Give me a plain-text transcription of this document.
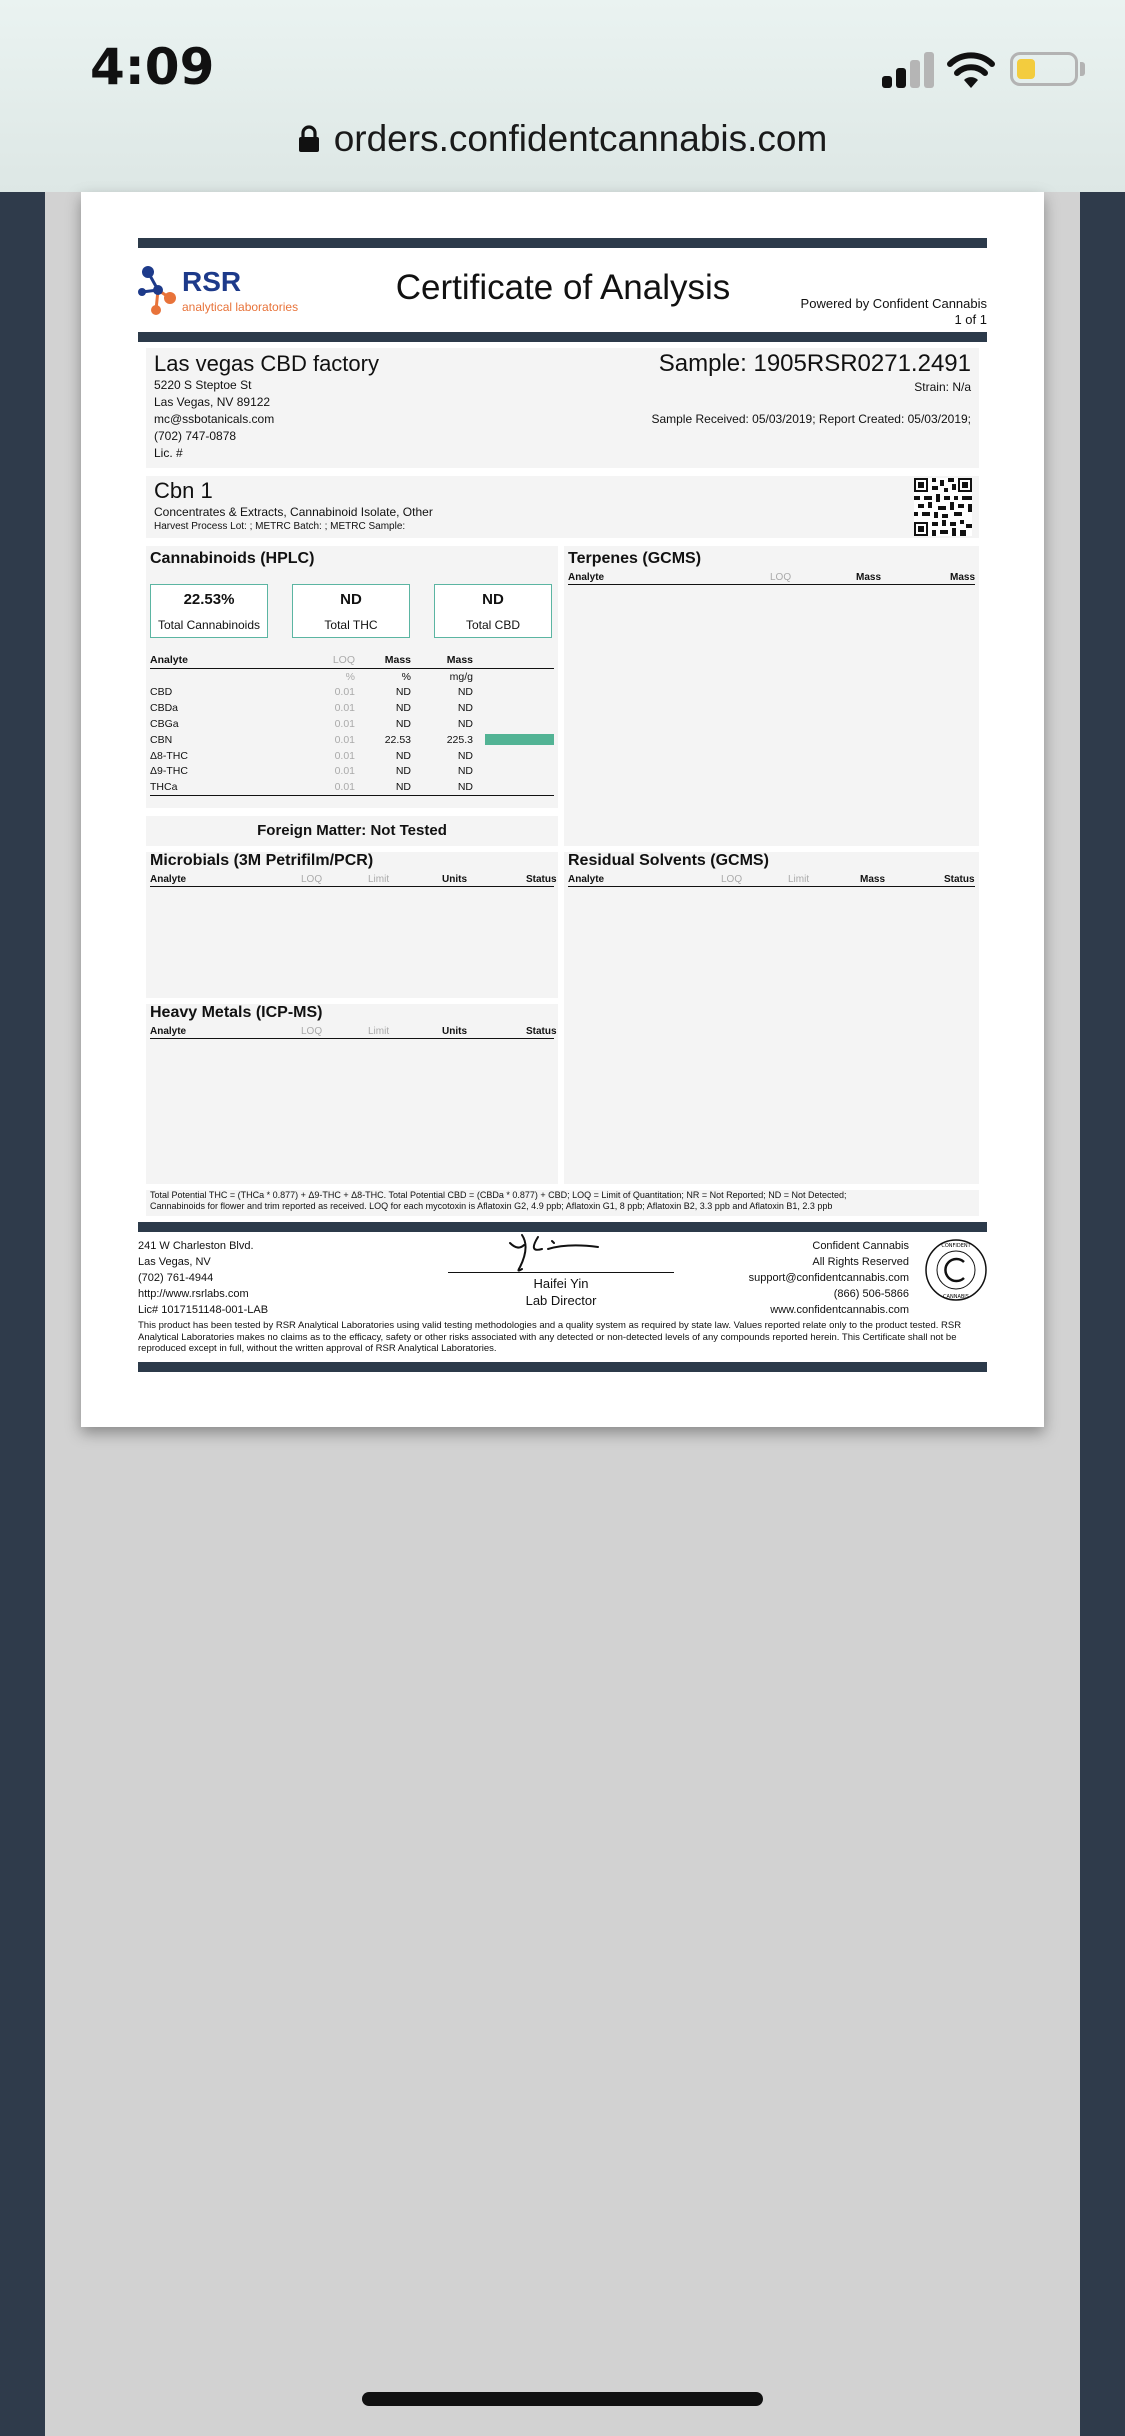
4:09
orders.confidentcannabis.com
RSR
analytical laboratories	Certificate of Analysis	Powered by Confident Cannabis
1 of 1
Las vegas CBD factory
5220 S Steptoe St
Las Vegas, NV 89122
mc@ssbotanicals.com
(702) 747-0878
Lic. #
Sample: 1905RSR0271.2491
Strain: N/a
Sample Received: 05/03/2019; Report Created: 05/03/2019;
Cbn 1
Concentrates & Extracts, Cannabinoid Isolate, Other
Harvest Process Lot: ; METRC Batch: ; METRC Sample:
Cannabinoids (HPLC)
22.53%
Total Cannabinoids
ND
Total THC
ND
Total CBD
Analyte	LOQ	Mass	Mass	
	%	%	mg/g	
CBD	0.01	ND	ND	
CBDa	0.01	ND	ND	
CBGa	0.01	ND	ND	
CBN	0.01	22.53	225.3	

Δ8-THC	0.01	ND	ND	
Δ9-THC	0.01	ND	ND	
THCa	0.01	ND	ND	
Foreign Matter: Not Tested
Terpenes (GCMS)
Analyte	LOQ	Mass	Mass
Microbials (3M Petrifilm/PCR)
Analyte	LOQ	Limit	Units	Status
Residual Solvents (GCMS)
Analyte	LOQ	Limit	Mass	Status
Heavy Metals (ICP-MS)
Analyte	LOQ	Limit	Units	Status
Total Potential THC = (THCa * 0.877) + Δ9-THC + Δ8-THC. Total Potential CBD = (CBDa * 0.877) + CBD; LOQ = Limit of Quantitation; NR = Not Reported; ND = Not Detected;
Cannabinoids for flower and trim reported as received. LOQ for each mycotoxin is Aflatoxin G2, 4.9 ppb; Aflatoxin G1, 8 ppb; Aflatoxin B2, 3.3 ppb and Aflatoxin B1, 2.3 ppb
241 W Charleston Blvd.
Las Vegas, NV
(702) 761-4944
http://www.rsrlabs.com
Lic# 1017151148-001-LAB
Haifei Yin
Lab Director
Confident Cannabis
All Rights Reserved
support@confidentcannabis.com
(866) 506-5866
www.confidentcannabis.com
CONFIDENT
CANNABIS
This product has been tested by RSR Analytical Laboratories using valid testing methodologies and a quality system as required by state law. Values reported relate only to the product tested. RSR Analytical Laboratories makes no claims as to the efficacy, safety or other risks associated with any detected or non-detected levels of any compounds reported herein. This Certificate shall not be reproduced except in full, without the written approval of RSR Analytical Laboratories.
